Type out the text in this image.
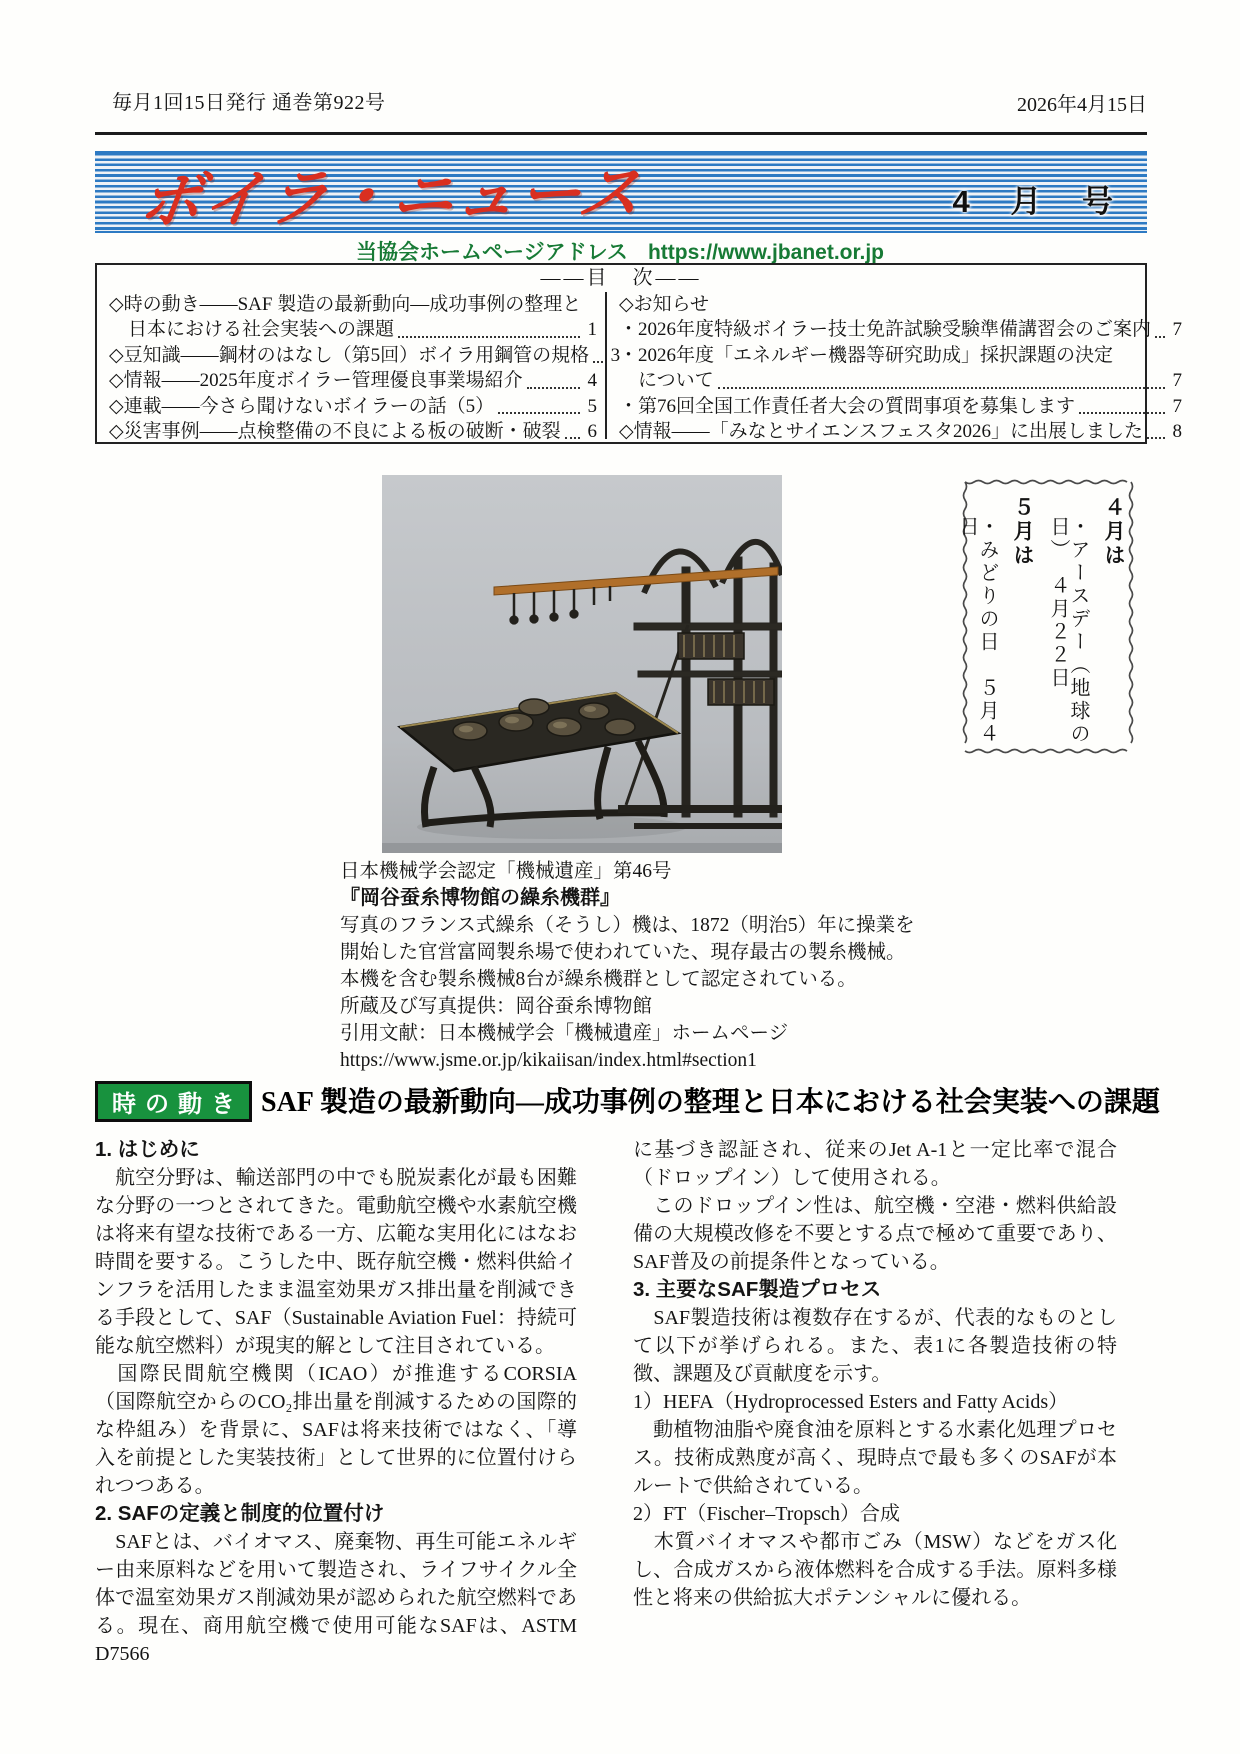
毎月1回15日発行 通巻第922号	2026年4月15日
ボイラ・ニュース	4 月 号
当協会ホームページアドレス https://www.jbanet.or.jp
――目　次――
◇時の動き――SAF 製造の最新動向―成功事例の整理と
　日本における社会実装への課題	1
◇豆知識――鋼材のはなし（第5回）ボイラ用鋼管の規格 3
◇情報――2025年度ボイラー管理優良事業場紹介	4
◇連載――今さら聞けないボイラーの話（5）	5
◇災害事例――点検整備の不良による板の破断・破裂 6
◇お知らせ
・2026年度特級ボイラー技士免許試験受験準備講習会のご案内 7
・2026年度「エネルギー機器等研究助成」採択課題の決定
　について	7
・第76回全国工作責任者大会の質問事項を募集します	7
◇情報――「みなとサイエンスフェスタ2026」に出展しました 8
４月は
・アースデー（地球の日）　４月２２日
５月は
・みどりの日　５月４日
日本機械学会認定「機械遺産」第46号
『岡谷蚕糸博物館の繰糸機群』
写真のフランス式繰糸（そうし）機は、1872（明治5）年に操業を
開始した官営富岡製糸場で使われていた、現存最古の製糸機械。
本機を含む製糸機械8台が繰糸機群として認定されている。
所蔵及び写真提供：岡谷蚕糸博物館
引用文献：日本機械学会「機械遺産」ホームページ
https://www.jsme.or.jp/kikaiisan/index.html#section1
時の動き SAF 製造の最新動向―成功事例の整理と日本における社会実装への課題

1. はじめに

　航空分野は、輸送部門の中でも脱炭素化が最も困難な分野の一つとされてきた。電動航空機や水素航空機は将来有望な技術である一方、広範な実用化にはなお時間を要する。こうした中、既存航空機・燃料供給インフラを活用したまま温室効果ガス排出量を削減できる手段として、SAF（Sustainable Aviation Fuel：持続可能な航空燃料）が現実的解として注目されている。

　国際民間航空機関（ICAO）が推進するCORSIA（国際航空からのCO₂排出量を削減するための国際的な枠組み）を背景に、SAFは将来技術ではなく、「導入を前提とした実装技術」として世界的に位置付けられつつある。

2. SAFの定義と制度的位置付け

　SAFとは、バイオマス、廃棄物、再生可能エネルギー由来原料などを用いて製造され、ライフサイクル全体で温室効果ガス削減効果が認められた航空燃料である。現在、商用航空機で使用可能なSAFは、ASTM D7566

に基づき認証され、従来のJet A-1と一定比率で混合（ドロップイン）して使用される。

　このドロップイン性は、航空機・空港・燃料供給設備の大規模改修を不要とする点で極めて重要であり、SAF普及の前提条件となっている。

3. 主要なSAF製造プロセス

　SAF製造技術は複数存在するが、代表的なものとして以下が挙げられる。また、表1に各製造技術の特徴、課題及び貢献度を示す。

1）HEFA（Hydroprocessed Esters and Fatty Acids）

　動植物油脂や廃食油を原料とする水素化処理プロセス。技術成熟度が高く、現時点で最も多くのSAFが本ルートで供給されている。

2）FT（Fischer–Tropsch）合成

　木質バイオマスや都市ごみ（MSW）などをガス化し、合成ガスから液体燃料を合成する手法。原料多様性と将来の供給拡大ポテンシャルに優れる。
